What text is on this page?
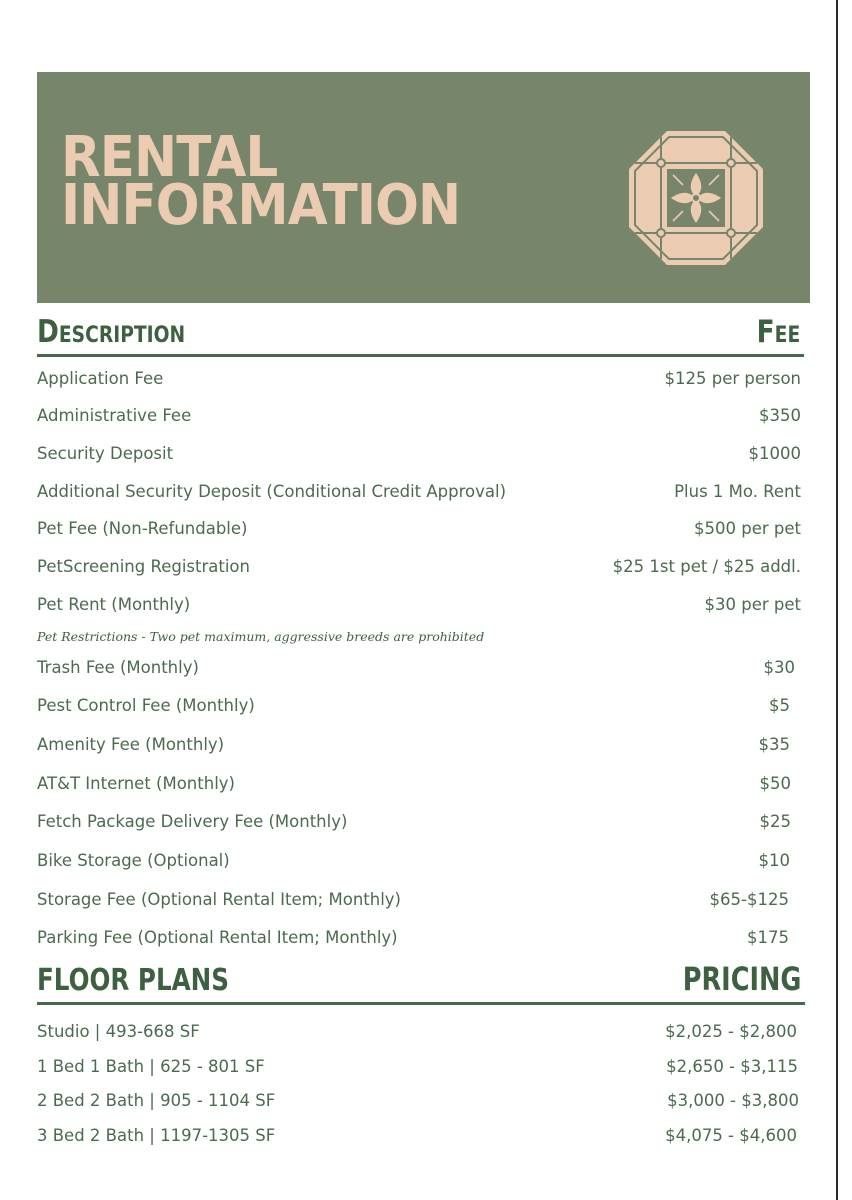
RENTAL
INFORMATION
Description	Fee
Application Fee	$125 per person
Administrative Fee	$350
Security Deposit	$1000
Additional Security Deposit (Conditional Credit Approval)	Plus 1 Mo. Rent
Pet Fee (Non-Refundable)	$500 per pet
PetScreening Registration	$25 1st pet / $25 addl.
Pet Rent (Monthly)	$30 per pet
Pet Restrictions - Two pet maximum, aggressive breeds are prohibited
Trash Fee (Monthly)	$30
Pest Control Fee (Monthly)	$5
Amenity Fee (Monthly)	$35
AT&T Internet (Monthly)	$50
Fetch Package Delivery Fee (Monthly)	$25
Bike Storage (Optional)	$10
Storage Fee (Optional Rental Item; Monthly)	$65-$125
Parking Fee (Optional Rental Item; Monthly)	$175
FLOOR PLANS	PRICING
Studio | 493-668 SF	$2,025 - $2,800
1 Bed 1 Bath | 625 - 801 SF	$2,650 - $3,115
2 Bed 2 Bath | 905 - 1104 SF	$3,000 - $3,800
3 Bed 2 Bath | 1197-1305 SF	$4,075 - $4,600
